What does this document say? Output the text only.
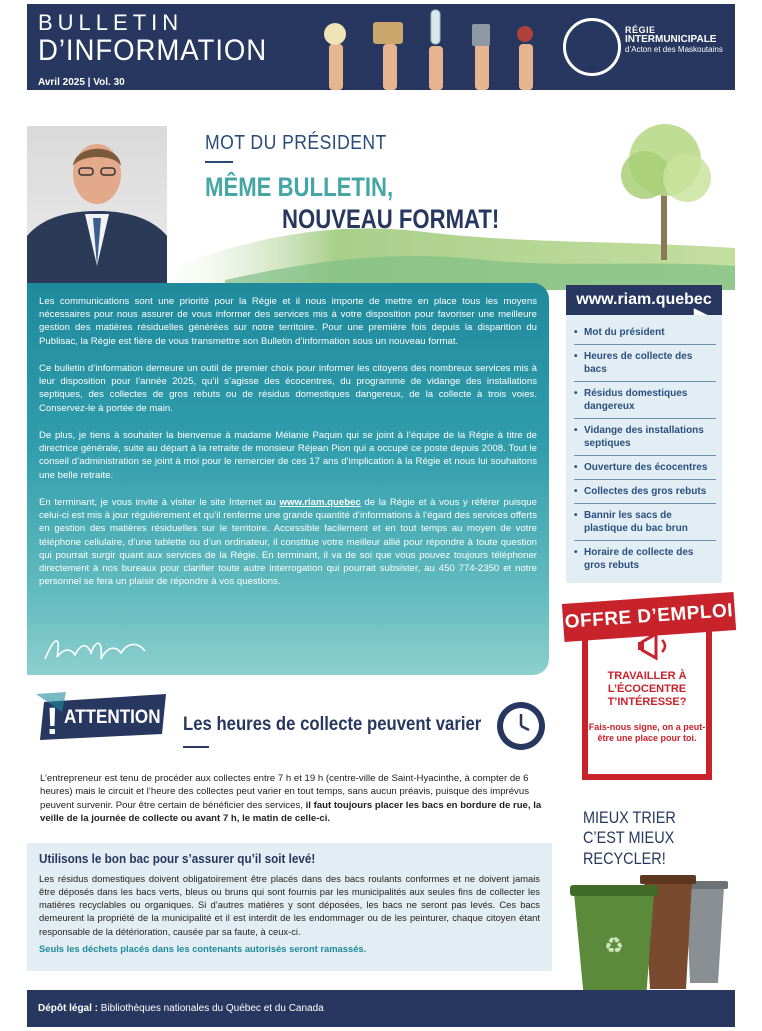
BULLETIN
D’INFORMATION
Avril 2025 | Vol. 30
RÉGIE
INTERMUNICIPALE
d’Acton et des Maskoutains
MOT DU PRÉSIDENT
MÊME BULLETIN,
NOUVEAU FORMAT!

Les communications sont une priorité pour la Régie et il nous importe de mettre en place tous les moyens nécessaires pour nous assurer de vous informer des services mis à votre disposition pour favoriser une meilleure gestion des matières résiduelles générées sur notre territoire. Pour une première fois depuis la disparition du Publisac, la Régie est fière de vous transmettre son Bulletin d’information sous un nouveau format.

Ce bulletin d’information demeure un outil de premier choix pour informer les citoyens des nombreux services mis à leur disposition pour l’année 2025, qu’il s’agisse des écocentres, du programme de vidange des installations septiques, des collectes de gros rebuts ou de résidus domestiques dangereux, de la collecte à trois voies. Conservez-le à portée de main.

De plus, je tiens à souhaiter la bienvenue à madame Mélanie Paquin qui se joint à l’équipe de la Régie à titre de directrice générale, suite au départ à la retraite de monsieur Réjean Pion qui a occupé ce poste depuis 2008. Tout le conseil d’administration se joint à moi pour le remercier de ces 17 ans d’implication à la Régie et nous lui souhaitons une belle retraite.

En terminant, je vous invite à visiter le site Internet au www.riam.quebec de la Régie et à vous y référer puisque celui-ci est mis à jour régulièrement et qu’il renferme une grande quantité d’informations à l’égard des services offerts en gestion des matières résiduelles sur le territoire. Accessible facilement et en tout temps au moyen de votre téléphone cellulaire, d’une tablette ou d’un ordinateur, il constitue votre meilleur allié pour répondre à toute question qui pourrait surgir quant aux services de la Régie. En terminant, il va de soi que vous pouvez toujours téléphoner directement à nos bureaux pour clarifier toute autre interrogation qui pourrait subsister, au 450 774-2350 et notre personnel se fera un plaisir de répondre à vos questions.

www.riam.quebec
• Mot du président
• Heures de collecte des bacs
• Résidus domestiques dangereux
• Vidange des installations septiques
• Ouverture des écocentres
• Collectes des gros rebuts
• Bannir les sacs de plastique du bac brun
• Horaire de collecte des gros rebuts
OFFRE D’EMPLOI
TRAVAILLER À L’ÉCOCENTRE T’INTÉRESSE?
Fais-nous signe, on a peut-être une place pour toi.
! ATTENTION Les heures de collecte peuvent varier
L’entrepreneur est tenu de procéder aux collectes entre 7 h et 19 h (centre-ville de Saint-Hyacinthe, à compter de 6 heures) mais le circuit et l’heure des collectes peut varier en tout temps, sans aucun préavis, puisque des imprévus peuvent survenir. Pour être certain de bénéficier des services, il faut toujours placer les bacs en bordure de rue, la veille de la journée de collecte ou avant 7 h, le matin de celle-ci.
Utilisons le bon bac pour s’assurer qu’il soit levé!

Les résidus domestiques doivent obligatoirement être placés dans des bacs roulants conformes et ne doivent jamais être déposés dans les bacs verts, bleus ou bruns qui sont fournis par les municipalités aux seules fins de collecter les matières recyclables ou organiques. Si d’autres matières y sont déposées, les bacs ne seront pas levés. Ces bacs demeurent la propriété de la municipalité et il est interdit de les endommager ou de les peinturer, chaque citoyen étant responsable de la détérioration, causée par sa faute, à ceux-ci.

Seuls les déchets placés dans les contenants autorisés seront ramassés.

MIEUX TRIER
C’EST MIEUX RECYCLER!
♻
Dépôt légal : Bibliothèques nationales du Québec et du Canada
